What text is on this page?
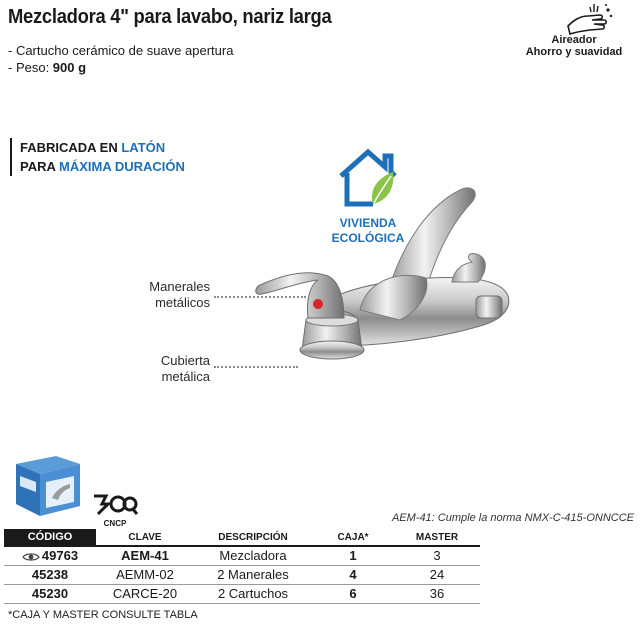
Mezcladora 4" para lavabo, nariz larga
- Cartucho cerámico de suave apertura
- Peso: 900 g
Aireador
Ahorro y suavidad
FABRICADA EN LATÓN
PARA MÁXIMA DURACIÓN
VIVIENDA
ECOLÓGICA
Manerales
metálicos
Cubierta
metálica
CNCP	AEM-41: Cumple la norma NMX-C-415-ONNCCE
CÓDIGO	CLAVE	DESCRIPCIÓN	CAJA*	MASTER
49763	AEM-41	Mezcladora	1	3
45238	AEMM-02	2 Manerales	4	24
45230	CARCE-20	2 Cartuchos	6	36
*CAJA Y MASTER CONSULTE TABLA
